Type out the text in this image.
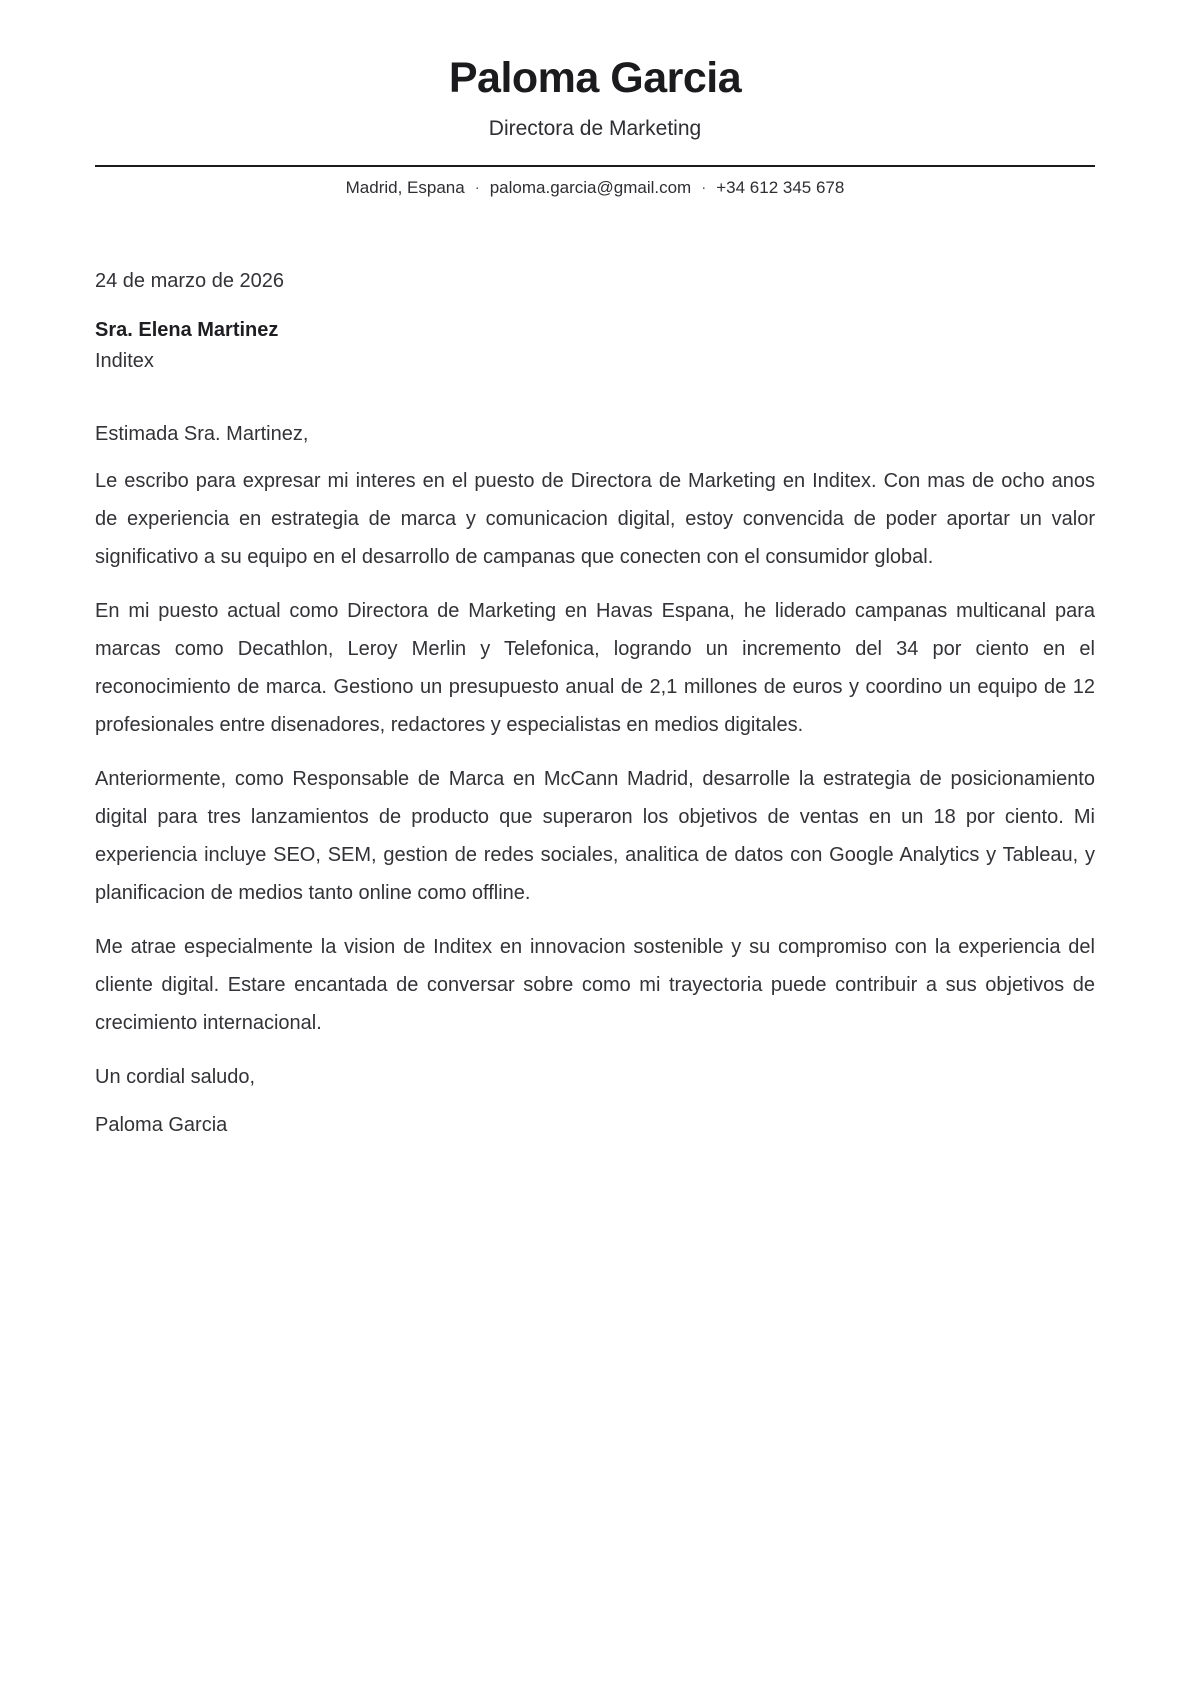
Paloma Garcia
Directora de Marketing
Madrid, Espana · paloma.garcia@gmail.com · +34 612 345 678
24 de marzo de 2026
Sra. Elena Martinez
Inditex
Estimada Sra. Martinez,

Le escribo para expresar mi interes en el puesto de Directora de Marketing en Inditex. Con mas de ocho anos de experiencia en estrategia de marca y comunicacion digital, estoy convencida de poder aportar un valor significativo a su equipo en el desarrollo de campanas que conecten con el consumidor global.

En mi puesto actual como Directora de Marketing en Havas Espana, he liderado campanas multicanal para marcas como Decathlon, Leroy Merlin y Telefonica, logrando un incremento del 34 por ciento en el reconocimiento de marca. Gestiono un presupuesto anual de 2,1 millones de euros y coordino un equipo de 12 profesionales entre disenadores, redactores y especialistas en medios digitales.

Anteriormente, como Responsable de Marca en McCann Madrid, desarrolle la estrategia de posicionamiento digital para tres lanzamientos de producto que superaron los objetivos de ventas en un 18 por ciento. Mi experiencia incluye SEO, SEM, gestion de redes sociales, analitica de datos con Google Analytics y Tableau, y planificacion de medios tanto online como offline.

Me atrae especialmente la vision de Inditex en innovacion sostenible y su compromiso con la experiencia del cliente digital. Estare encantada de conversar sobre como mi trayectoria puede contribuir a sus objetivos de crecimiento internacional.

Un cordial saludo,
Paloma Garcia
